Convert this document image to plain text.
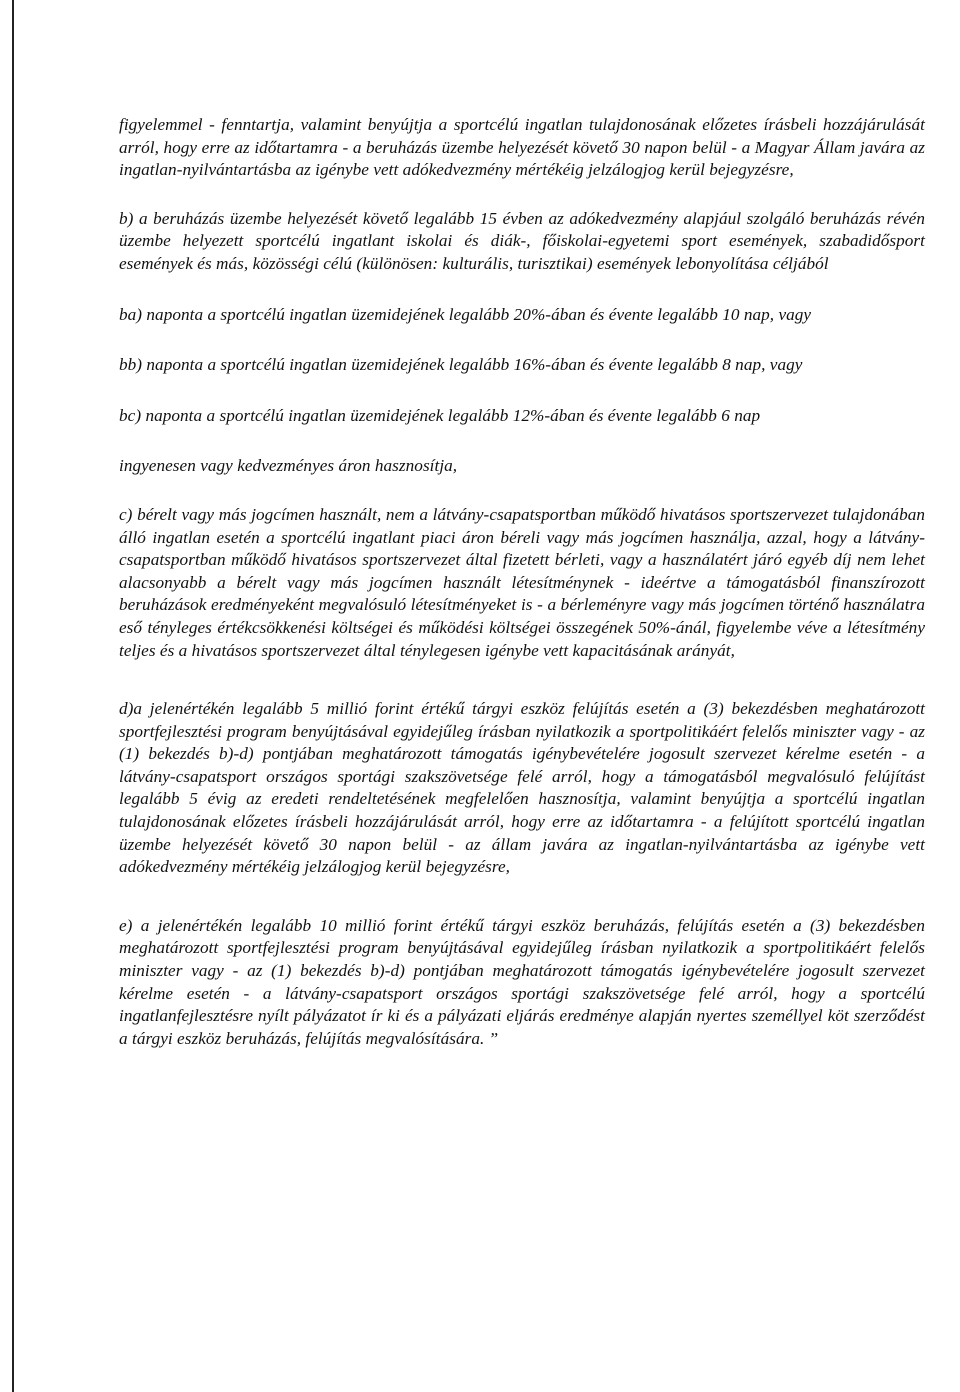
figyelemmel - fenntartja, valamint benyújtja a sportcélú ingatlan tulajdonosának előzetes írásbeli hozzájárulását arról, hogy erre az időtartamra - a beruházás üzembe helyezését követő 30 napon belül - a Magyar Állam javára az ingatlan-nyilvántartásba az igénybe vett adókedvezmény mértékéig jelzálogjog kerül bejegyzésre,

b) a beruházás üzembe helyezését követő legalább 15 évben az adókedvezmény alapjául szolgáló beruházás révén üzembe helyezett sportcélú ingatlant iskolai és diák-, főiskolai-egyetemi sport események, szabadidősport események és más, közösségi célú (különösen: kulturális, turisztikai) események lebonyolítása céljából

ba) naponta a sportcélú ingatlan üzemidejének legalább 20%-ában és évente legalább 10 nap, vagy

bb) naponta a sportcélú ingatlan üzemidejének legalább 16%-ában és évente legalább 8 nap, vagy

bc) naponta a sportcélú ingatlan üzemidejének legalább 12%-ában és évente legalább 6 nap

ingyenesen vagy kedvezményes áron hasznosítja,

c) bérelt vagy más jogcímen használt, nem a látvány-csapatsportban működő hivatásos sportszervezet tulajdonában álló ingatlan esetén a sportcélú ingatlant piaci áron béreli vagy más jogcímen használja, azzal, hogy a látvány-csapatsportban működő hivatásos sportszervezet által fizetett bérleti, vagy a használatért járó egyéb díj nem lehet alacsonyabb a bérelt vagy más jogcímen használt létesítménynek - ideértve a támogatásból finanszírozott beruházások eredményeként megvalósuló létesítményeket is - a bérleményre vagy más jogcímen történő használatra eső tényleges értékcsökkenési költségei és működési költségei összegének 50%-ánál, figyelembe véve a létesítmény teljes és a hivatásos sportszervezet által ténylegesen igénybe vett kapacitásának arányát,

d)a jelenértékén legalább 5 millió forint értékű tárgyi eszköz felújítás esetén a (3) bekezdésben meghatározott sportfejlesztési program benyújtásával egyidejűleg írásban nyilatkozik a sportpolitikáért felelős miniszter vagy - az (1) bekezdés b)-d) pontjában meghatározott támogatás igénybevételére jogosult szervezet kérelme esetén - a látvány-csapatsport országos sportági szakszövetsége felé arról, hogy a támogatásból megvalósuló felújítást legalább 5 évig az eredeti rendeltetésének megfelelően hasznosítja, valamint benyújtja a sportcélú ingatlan tulajdonosának előzetes írásbeli hozzájárulását arról, hogy erre az időtartamra - a felújított sportcélú ingatlan üzembe helyezését követő 30 napon belül - az állam javára az ingatlan-nyilvántartásba az igénybe vett adókedvezmény mértékéig jelzálogjog kerül bejegyzésre,

e) a jelenértékén legalább 10 millió forint értékű tárgyi eszköz beruházás, felújítás esetén a (3) bekezdésben meghatározott sportfejlesztési program benyújtásával egyidejűleg írásban nyilatkozik a sportpolitikáért felelős miniszter vagy - az (1) bekezdés b)-d) pontjában meghatározott támogatás igénybevételére jogosult szervezet kérelme esetén - a látvány-csapatsport országos sportági szakszövetsége felé arról, hogy a sportcélú ingatlanfejlesztésre nyílt pályázatot ír ki és a pályázati eljárás eredménye alapján nyertes személlyel köt szerződést a tárgyi eszköz beruházás, felújítás megvalósítására. ”
